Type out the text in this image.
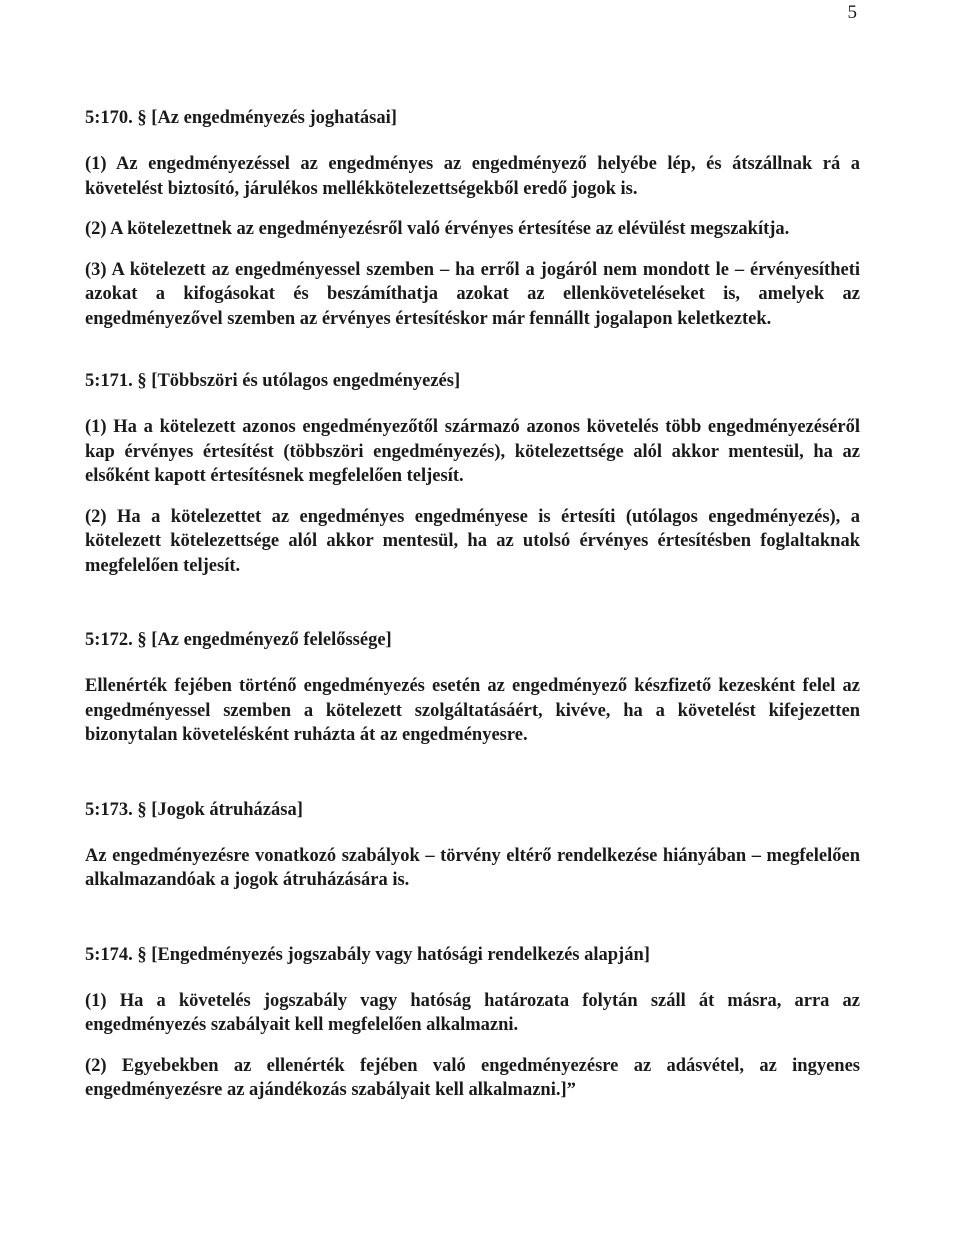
5
5:170. § [Az engedményezés joghatásai]

(1) Az engedményezéssel az engedményes az engedményező helyébe lép, és átszállnak rá a követelést biztosító, járulékos mellékkötelezettségekből eredő jogok is.

(2) A kötelezettnek az engedményezésről való érvényes értesítése az elévülést megszakítja.

(3) A kötelezett az engedményessel szemben – ha erről a jogáról nem mondott le – érvényesítheti azokat a kifogásokat és beszámíthatja azokat az ellenköveteléseket is, amelyek az engedményezővel szemben az érvényes értesítéskor már fennállt jogalapon keletkeztek.

5:171. § [Többszöri és utólagos engedményezés]

(1) Ha a kötelezett azonos engedményezőtől származó azonos követelés több engedményezéséről kap érvényes értesítést (többszöri engedményezés), kötelezettsége alól akkor mentesül, ha az elsőként kapott értesítésnek megfelelően teljesít.

(2) Ha a kötelezettet az engedményes engedményese is értesíti (utólagos engedményezés), a kötelezett kötelezettsége alól akkor mentesül, ha az utolsó érvényes értesítésben foglaltaknak megfelelően teljesít.

5:172. § [Az engedményező felelőssége]

Ellenérték fejében történő engedményezés esetén az engedményező készfizető kezesként felel az engedményessel szemben a kötelezett szolgáltatásáért, kivéve, ha a követelést kifejezetten bizonytalan követelésként ruházta át az engedményesre.

5:173. § [Jogok átruházása]

Az engedményezésre vonatkozó szabályok – törvény eltérő rendelkezése hiányában – megfelelően alkalmazandóak a jogok átruházására is.

5:174. § [Engedményezés jogszabály vagy hatósági rendelkezés alapján]

(1) Ha a követelés jogszabály vagy hatóság határozata folytán száll át másra, arra az engedményezés szabályait kell megfelelően alkalmazni.

(2) Egyebekben az ellenérték fejében való engedményezésre az adásvétel, az ingyenes engedményezésre az ajándékozás szabályait kell alkalmazni.]”
